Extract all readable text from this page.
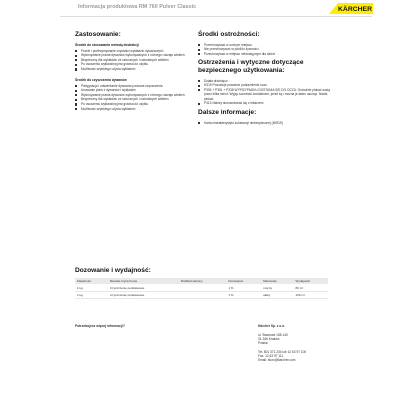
Informacja produktowa RM 760 Pulver Classic	KÄRCHER
Zastosowanie:
Środek do stosowania metodą ekstrakcji
Pranie i podtrzymywanie czystości wykładzin dywanowych
Wykonywanie prania dywanów wykonywanych z różnego rodzaju włókien
Bezpieczny dla wykładzin ze sztucznych i naturalnych włókien
Po osuszeniu wykładzina jest gotowa do użytku
Możliwość szybkiego użycia wykładzin
Środek do czyszczenia dywanów
Pielęgnacja i odświeżanie dywanów podczas czyszczenia
Usuwanie plam z dywanów i wykładzin
Wykonywanie prania dywanów wykonywanych z różnego rodzaju włókien
Bezpieczny dla wykładzin ze sztucznych i naturalnych włókien
Po osuszeniu wykładzina jest gotowa do użytku
Możliwość szybkiego użycia wykładzin
Środki ostrożności:
Przechowywać w suchym miejscu
Nie przechowywać w pobliżu żywności
Przechowywać w miejscu niedostępnym dla dzieci
Ostrzeżenia i wytyczne dotyczące bezpiecznego użytkowania:
Działa drażniąco
H319 Powoduje poważne podrażnienie oczu
P305 + P351 + P338 W PRZYPADKU DOSTANIA SIĘ DO OCZU: Ostrożnie płukać wodą przez kilka minut. Wyjąć soczewki kontaktowe, jeżeli są i można je łatwo usunąć. Nadal płukać.
P313 Należy skonsultować się z lekarzem
Dalsze informacje:
Karta charakterystyki substancji niebezpiecznej (MSDS)
Dozowanie i wydajność:
Zawartość	Metoda czyszczenia	Rozkład ważony	Dozowanie	Mieszanie	Wydajność
1 kg	Czyszczenie podstawowe		1 %	mocny	80 m²
1 kg	Czyszczenie podstawowe		1 %	słaby	100 m²
Potrzebujesz więcej informacji?	Kärcher Sp. z o.o.

ul. Stawowa 108-140
31-346 Kraków
Polska

Tel. 801 371 234 lub 12 63 97 100
Fax. 12 63 97 111
Email: biuro@karcher.com
